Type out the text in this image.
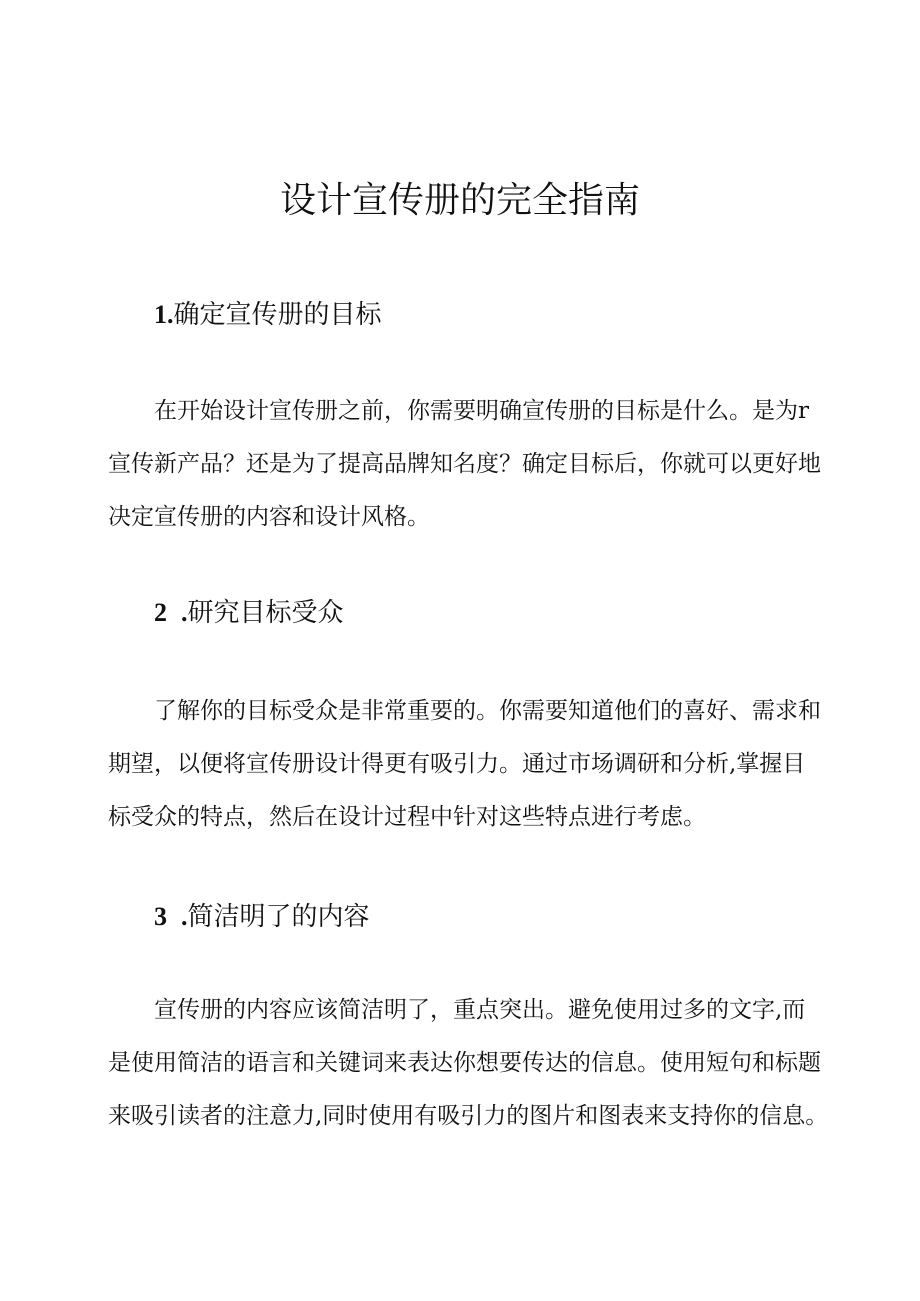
设计宣传册的完全指南
1.确定宣传册的目标

在开始设计宣传册之前，你需要明确宣传册的目标是什么。是为r
宣传新产品？还是为了提高品牌知名度？确定目标后，你就可以更好地
决定宣传册的内容和设计风格。

2 .研究目标受众

了解你的目标受众是非常重要的。你需要知道他们的喜好、需求和
期望，以便将宣传册设计得更有吸引力。通过市场调研和分析,掌握目
标受众的特点，然后在设计过程中针对这些特点进行考虑。

3 .简洁明了的内容

宣传册的内容应该简洁明了，重点突出。避免使用过多的文字,而
是使用简洁的语言和关键词来表达你想要传达的信息。使用短句和标题
来吸引读者的注意力,同时使用有吸引力的图片和图表来支持你的信息。
